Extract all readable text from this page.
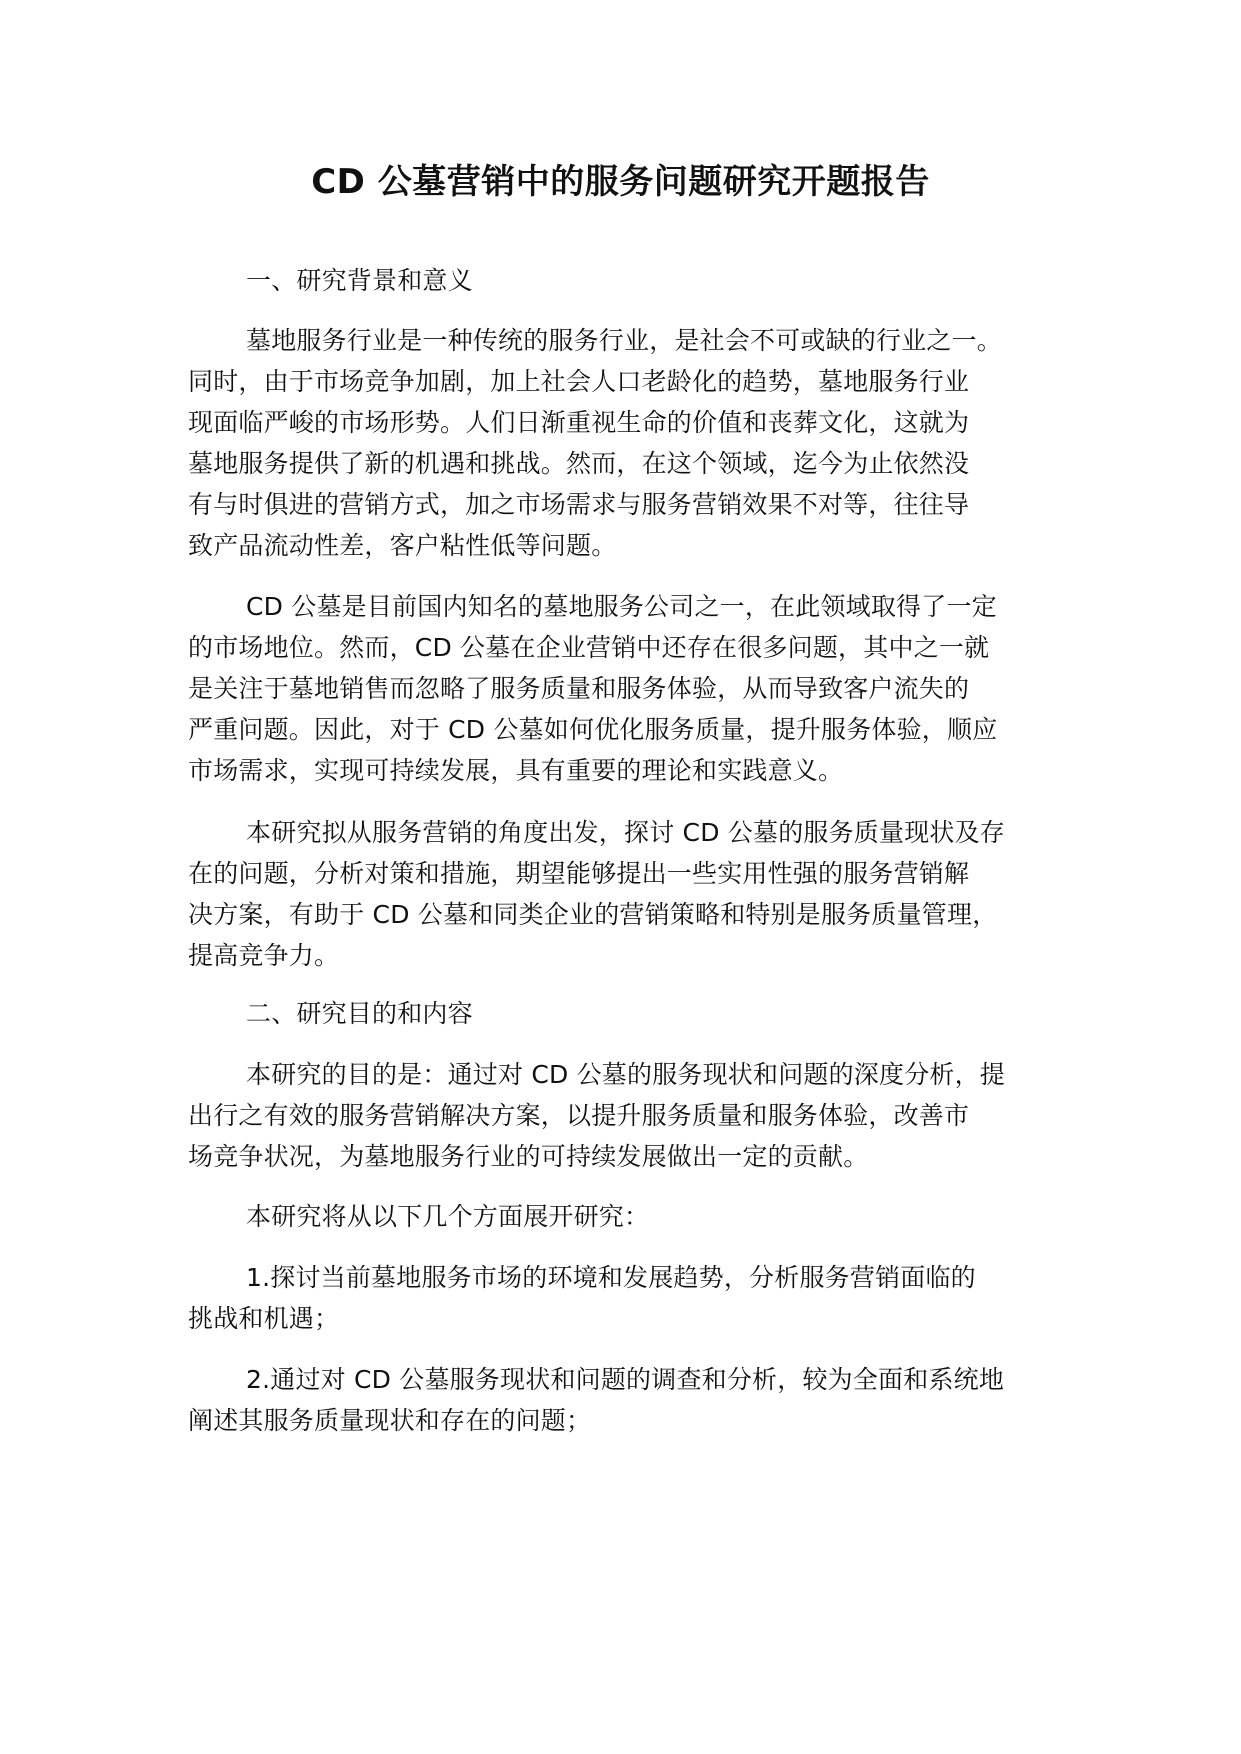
CD 公墓营销中的服务问题研究开题报告
一、研究背景和意义
墓地服务行业是一种传统的服务行业，是社会不可或缺的行业之一。
同时，由于市场竞争加剧，加上社会人口老龄化的趋势，墓地服务行业
现面临严峻的市场形势。人们日渐重视生命的价值和丧葬文化，这就为
墓地服务提供了新的机遇和挑战。然而，在这个领域，迄今为止依然没
有与时俱进的营销方式，加之市场需求与服务营销效果不对等，往往导
致产品流动性差，客户粘性低等问题。
CD 公墓是目前国内知名的墓地服务公司之一，在此领域取得了一定
的市场地位。然而，CD 公墓在企业营销中还存在很多问题，其中之一就
是关注于墓地销售而忽略了服务质量和服务体验，从而导致客户流失的
严重问题。因此，对于 CD 公墓如何优化服务质量，提升服务体验，顺应
市场需求，实现可持续发展，具有重要的理论和实践意义。
本研究拟从服务营销的角度出发，探讨 CD 公墓的服务质量现状及存
在的问题，分析对策和措施，期望能够提出一些实用性强的服务营销解
决方案，有助于 CD 公墓和同类企业的营销策略和特别是服务质量管理，
提高竞争力。
二、研究目的和内容
本研究的目的是：通过对 CD 公墓的服务现状和问题的深度分析，提
出行之有效的服务营销解决方案，以提升服务质量和服务体验，改善市
场竞争状况，为墓地服务行业的可持续发展做出一定的贡献。
本研究将从以下几个方面展开研究：
1.探讨当前墓地服务市场的环境和发展趋势，分析服务营销面临的
挑战和机遇；
2.通过对 CD 公墓服务现状和问题的调查和分析，较为全面和系统地
阐述其服务质量现状和存在的问题；
